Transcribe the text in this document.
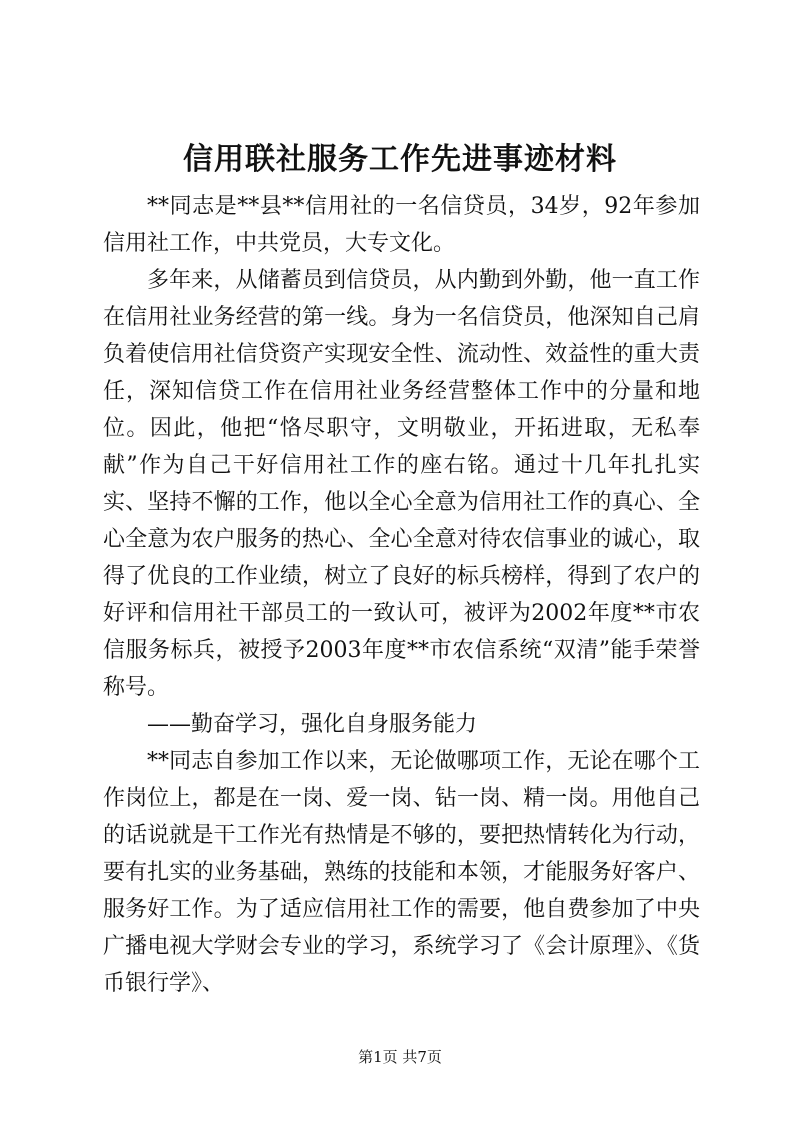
信用联社服务工作先进事迹材料

**同志是**县**信用社的一名信贷员，34岁，92年参加信用社工作，中共党员，大专文化。

多年来，从储蓄员到信贷员，从内勤到外勤，他一直工作在信用社业务经营的第一线。身为一名信贷员，他深知自己肩负着使信用社信贷资产实现安全性、流动性、效益性的重大责任，深知信贷工作在信用社业务经营整体工作中的分量和地位。因此，他把“恪尽职守，文明敬业，开拓进取，无私奉献”作为自己干好信用社工作的座右铭。通过十几年扎扎实实、坚持不懈的工作，他以全心全意为信用社工作的真心、全心全意为农户服务的热心、全心全意对待农信事业的诚心，取得了优良的工作业绩，树立了良好的标兵榜样，得到了农户的好评和信用社干部员工的一致认可，被评为2002年度**市农信服务标兵，被授予2003年度**市农信系统“双清”能手荣誉称号。

——勤奋学习，强化自身服务能力

**同志自参加工作以来，无论做哪项工作，无论在哪个工作岗位上，都是在一岗、爱一岗、钻一岗、精一岗。用他自己的话说就是干工作光有热情是不够的，要把热情转化为行动，要有扎实的业务基础，熟练的技能和本领，才能服务好客户、服务好工作。为了适应信用社工作的需要，他自费参加了中央广播电视大学财会专业的学习，系统学习了《会计原理》、《货币银行学》、

第1页 共7页
